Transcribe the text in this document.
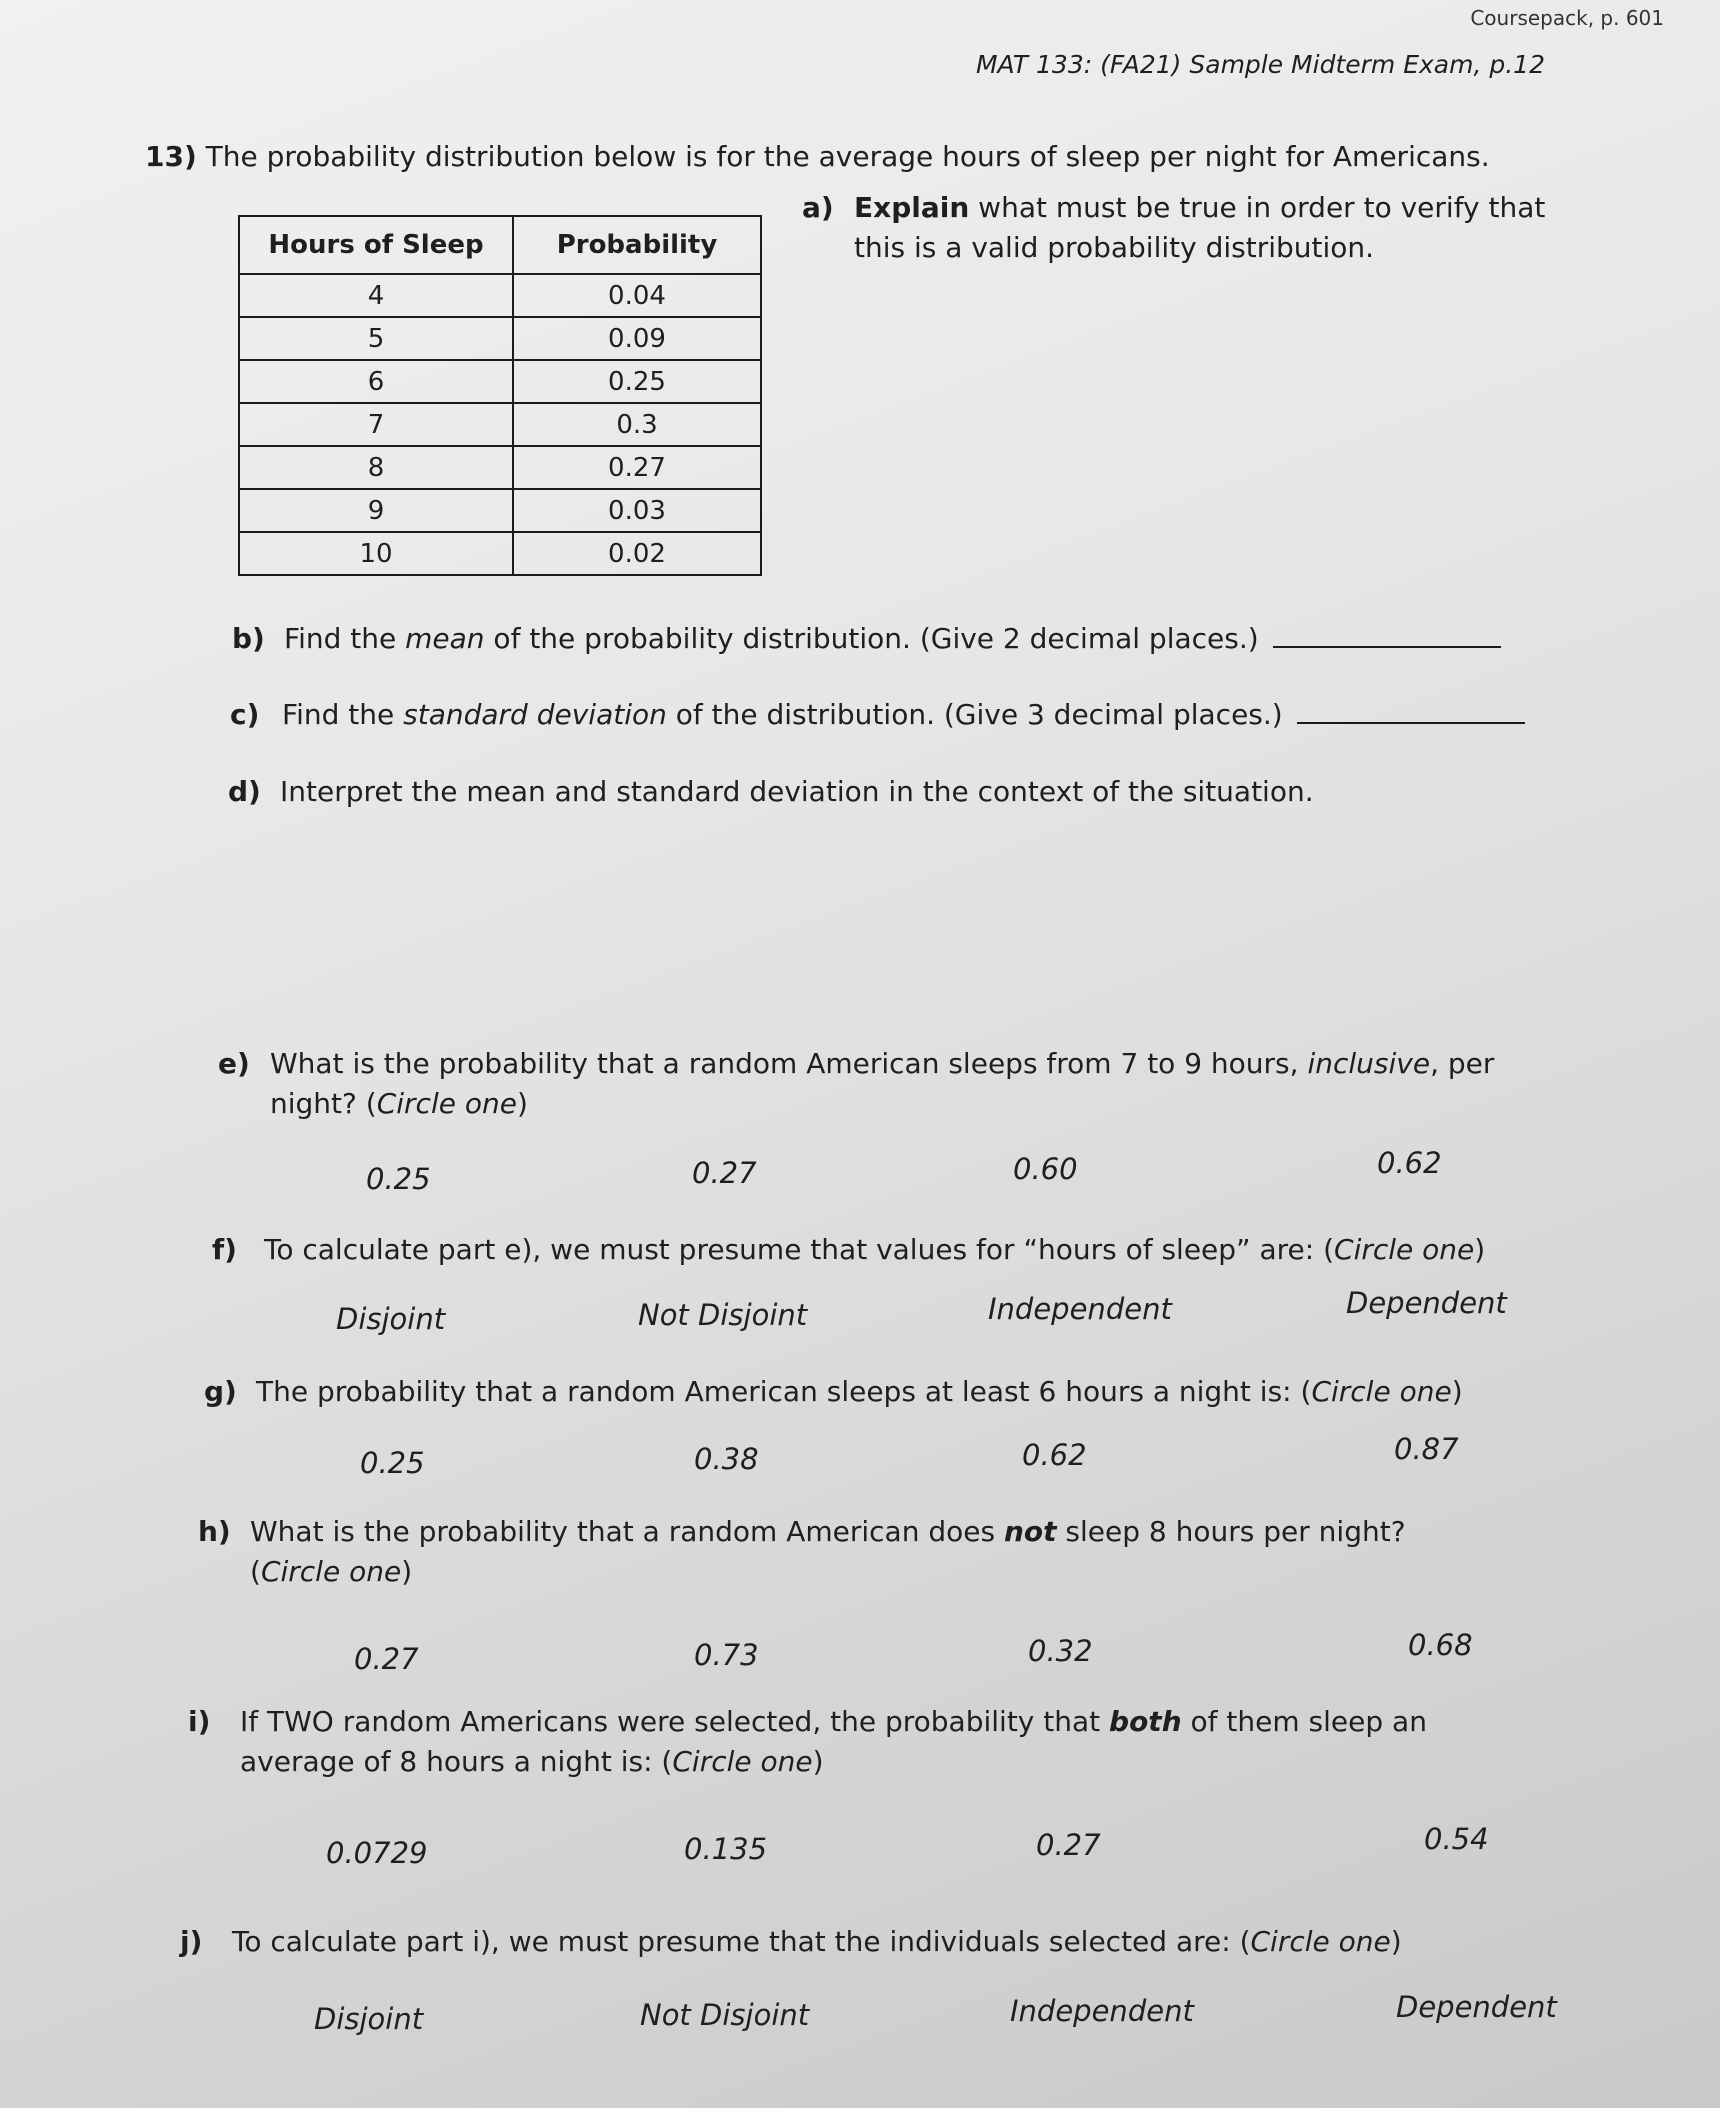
Coursepack, p. 601
MAT 133: (FA21) Sample Midterm Exam, p.12
13) The probability distribution below is for the average hours of sleep per night for Americans.
Hours of Sleep	Probability
4	0.04
5	0.09
6	0.25
7	0.3
8	0.27
9	0.03
10	0.02
a) Explain what must be true in order to verify that
this is a valid probability distribution.
b) Find the mean of the probability distribution. (Give 2 decimal places.)
c) Find the standard deviation of the distribution. (Give 3 decimal places.)
d) Interpret the mean and standard deviation in the context of the situation.
e) What is the probability that a random American sleeps from 7 to 9 hours, inclusive, per
night? (Circle one)
0.25	0.27	0.60	0.62
f) To calculate part e), we must presume that values for “hours of sleep” are: (Circle one)
Disjoint	Not Disjoint	Independent	Dependent
g) The probability that a random American sleeps at least 6 hours a night is: (Circle one)
0.25	0.38	0.62	0.87
h) What is the probability that a random American does not sleep 8 hours per night?
(Circle one)
0.27	0.73	0.32	0.68
i) If TWO random Americans were selected, the probability that both of them sleep an
average of 8 hours a night is: (Circle one)
0.0729	0.135	0.27	0.54
j) To calculate part i), we must presume that the individuals selected are: (Circle one)
Disjoint	Not Disjoint	Independent	Dependent
